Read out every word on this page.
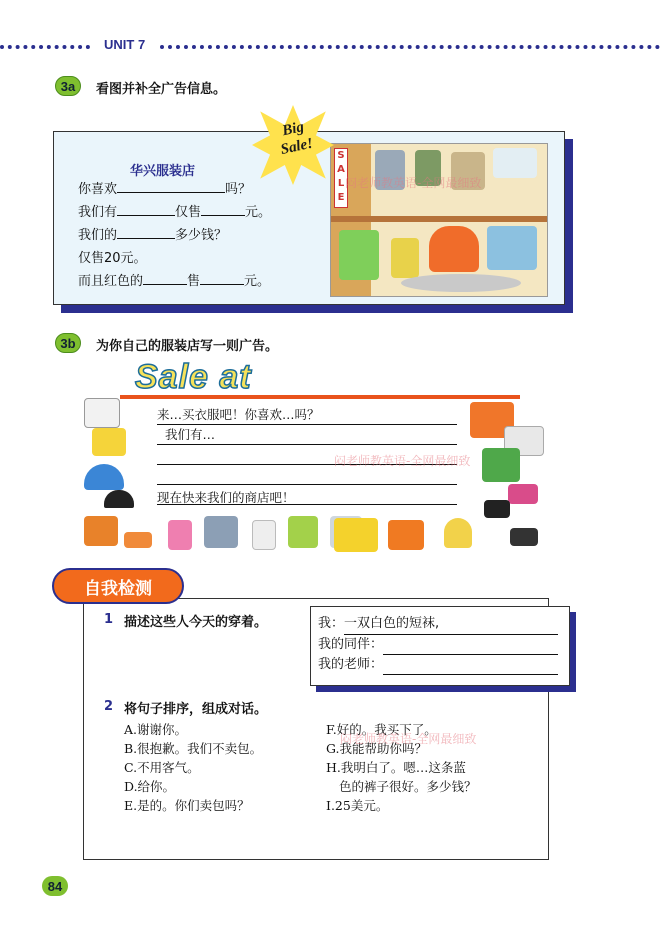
UNIT 7
3a	看图并补全广告信息。
华兴服装店
你喜欢	吗？
我们有	仅售	元。
我们的	多少钱？
仅售20元。
而且红色的	售	元。
SALE
Big Sale!
3b	为你自己的服装店写一则广告。
Sale at
来…买衣服吧！你喜欢…吗？
我们有…
现在快来我们的商店吧！
自我检测
1 描述这些人今天的穿着。	我： 一双白色的短袜,
我的同伴：
我的老师：
2 将句子排序，组成对话。
A.谢谢你。
B.很抱歉。我们不卖包。
C.不用客气。
D.给你。
E.是的。你们卖包吗？
F.好的。我买下了。
G.我能帮助你吗？
H.我明白了。嗯…这条蓝
色的裤子很好。多少钱？
I.25美元。
闷老师教英语-全网最细致
闷老师教英语-全网最细致
闷老师教英语-全网最细致
84
